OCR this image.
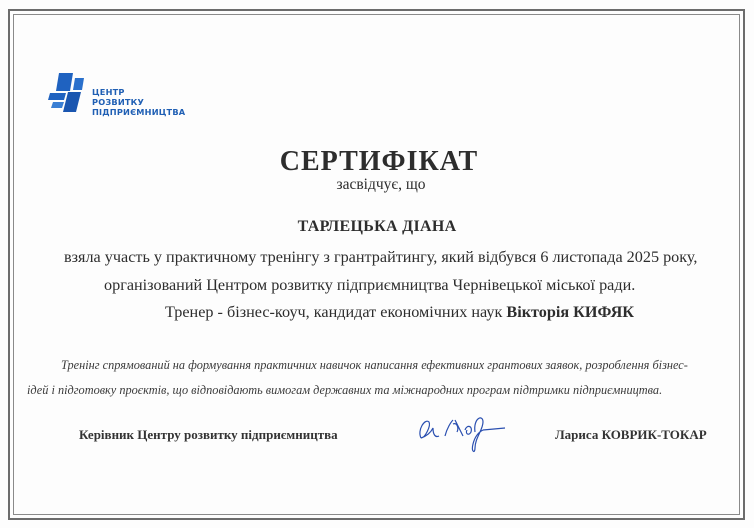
ЦЕНТР
РОЗВИТКУ
ПІДПРИЄМНИЦТВА
СЕРТИФІКАТ
засвідчує, що
ТАРЛЕЦЬКА ДІАНА
взяла участь у практичному тренінгу з грантрайтингу, який відбувся 6 листопада 2025 року,
організований Центром розвитку підприємництва Чернівецької міської ради.
Тренер - бізнес-коуч, кандидат економічних наук Вікторія КИФЯК
Тренінг спрямований на формування практичних навичок написання ефективних грантових заявок, розроблення бізнес-
ідей і підготовку проєктів, що відповідають вимогам державних та міжнародних програм підтримки підприємництва.
Керівник Центру розвитку підприємництва	Лариса КОВРИК-ТОКАР
